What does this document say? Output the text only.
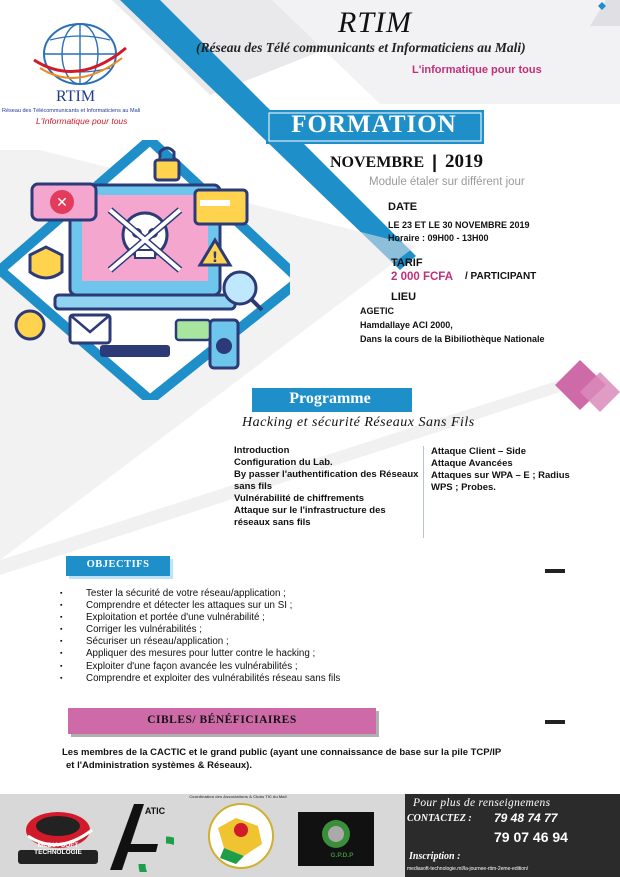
RTIM
Réseau des Télécommunicants et Informaticiens au Mali
L'Informatique pour tous
RTIM
(Réseau des Télé communicants et Informaticiens au Mali)
L'informatique pour tous
✕
!
FORMATION
NOVEMBRE | 2019
Module étaler sur différent jour
DATE
LE 23 ET LE 30 NOVEMBRE 2019
Horaire : 09H00 - 13H00
TARIF
2 000 FCFA / PARTICIPANT
LIEU
AGETIC
Hamdallaye ACI 2000,
Dans la cours de la Bibiliothèque Nationale
Programme
Hacking et sécurité Réseaux Sans Fils
Introduction
Configuration du Lab.
By passer l'authentification des Réseaux sans fils
Vulnérabilité de chiffrements
Attaque sur le l'infrastructure des réseaux sans fils
Attaque Client – Side
Attaque Avancées
Attaques sur WPA – E ; Radius
WPS ; Probes.
OBJECTIFS
▪ Tester la sécurité de votre réseau/application ;
▪ Comprendre et détecter les attaques sur un SI ;
▪ Exploitation et portée d'une vulnérabilité ;
▪ Corriger les vulnérabilités ;
▪ Sécuriser un réseau/application ;
▪ Appliquer des mesures pour lutter contre le hacking ;
▪ Exploiter d'une façon avancée les vulnérabilités ;
▪ Comprendre et exploiter des vulnérabilités réseau sans fils
CIBLES/ BÉNÉFICIAIRES
Les membres de la CACTIC et le grand public (ayant une connaissance de base sur la pile TCP/IP
et l'Administration systèmes & Réseaux).
MEDIA-SOFT TECHNOLOGIE
ATIC
Coordination des Associations & Clubs TIC du Mali
G.P.D.P
Pour plus de renseignemens
CONTACTEZ : 79 48 74 77
79 07 46 94
Inscription :
mediasoft-technologie.ml/la-journee-rtim-2eme-edition/
